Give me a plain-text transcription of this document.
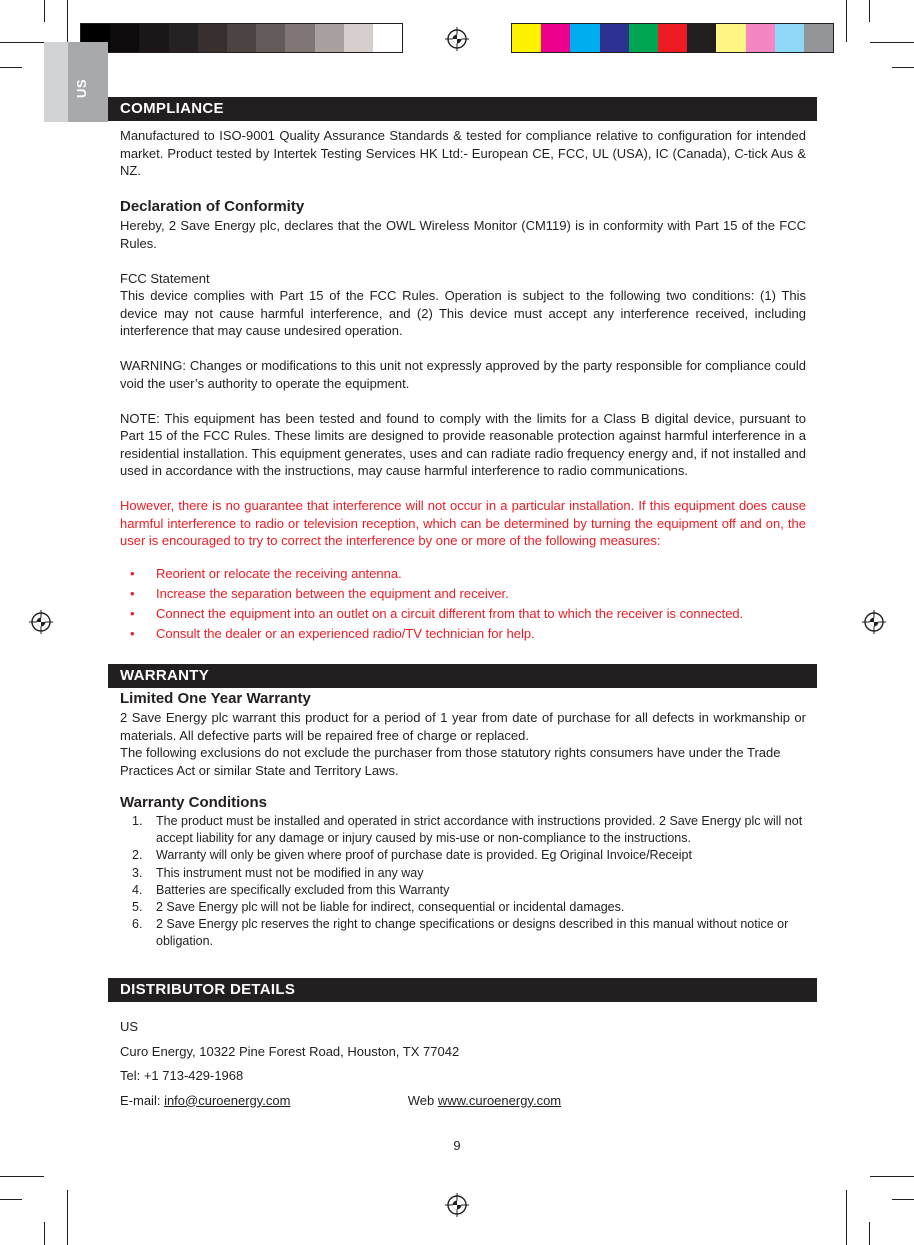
US
COMPLIANCE

Manufactured to ISO-9001 Quality Assurance Standards & tested for compliance relative to configuration for intended market. Product tested by Intertek Testing Services HK Ltd:- European CE, FCC, UL (USA), IC (Canada), C-tick Aus & NZ.

Declaration of Conformity

Hereby, 2 Save Energy plc, declares that the OWL Wireless Monitor (CM119) is in conformity with Part 15 of the FCC Rules.

FCC Statement

This device complies with Part 15 of the FCC Rules. Operation is subject to the following two conditions: (1) This device may not cause harmful interference, and (2) This device must accept any interference received, including interference that may cause undesired operation.

WARNING: Changes or modifications to this unit not expressly approved by the party responsible for compliance could void the user’s authority to operate the equipment.

NOTE: This equipment has been tested and found to comply with the limits for a Class B digital device, pursuant to Part 15 of the FCC Rules. These limits are designed to provide reasonable protection against harmful interference in a residential installation. This equipment generates, uses and can radiate radio frequency energy and, if not installed and used in accordance with the instructions, may cause harmful interference to radio communications.

However, there is no guarantee that interference will not occur in a particular installation. If this equipment does cause harmful interference to radio or television reception, which can be determined by turning the equipment off and on, the user is encouraged to try to correct the interference by one or more of the following measures:

• Reorient or relocate the receiving antenna.
• Increase the separation between the equipment and receiver.
• Connect the equipment into an outlet on a circuit different from that to which the receiver is connected.
• Consult the dealer or an experienced radio/TV technician for help.
WARRANTY
Limited One Year Warranty

2 Save Energy plc warrant this product for a period of 1 year from date of purchase for all defects in workmanship or materials. All defective parts will be repaired free of charge or replaced.

The following exclusions do not exclude the purchaser from those statutory rights consumers have under the Trade Practices Act or similar State and Territory Laws.

Warranty Conditions
1. The product must be installed and operated in strict accordance with instructions provided. 2 Save Energy plc will not accept liability for any damage or injury caused by mis-use or non-compliance to the instructions.
2. Warranty will only be given where proof of purchase date is provided. Eg Original Invoice/Receipt
3. This instrument must not be modified in any way
4. Batteries are specifically excluded from this Warranty
5. 2 Save Energy plc will not be liable for indirect, consequential or incidental damages.
6. 2 Save Energy plc reserves the right to change specifications or designs described in this manual without notice or obligation.
DISTRIBUTOR DETAILS

US

Curo Energy, 10322 Pine Forest Road, Houston, TX 77042

Tel: +1 713-429-1968

E-mail: info@curoenergy.com	Web www.curoenergy.com

9
